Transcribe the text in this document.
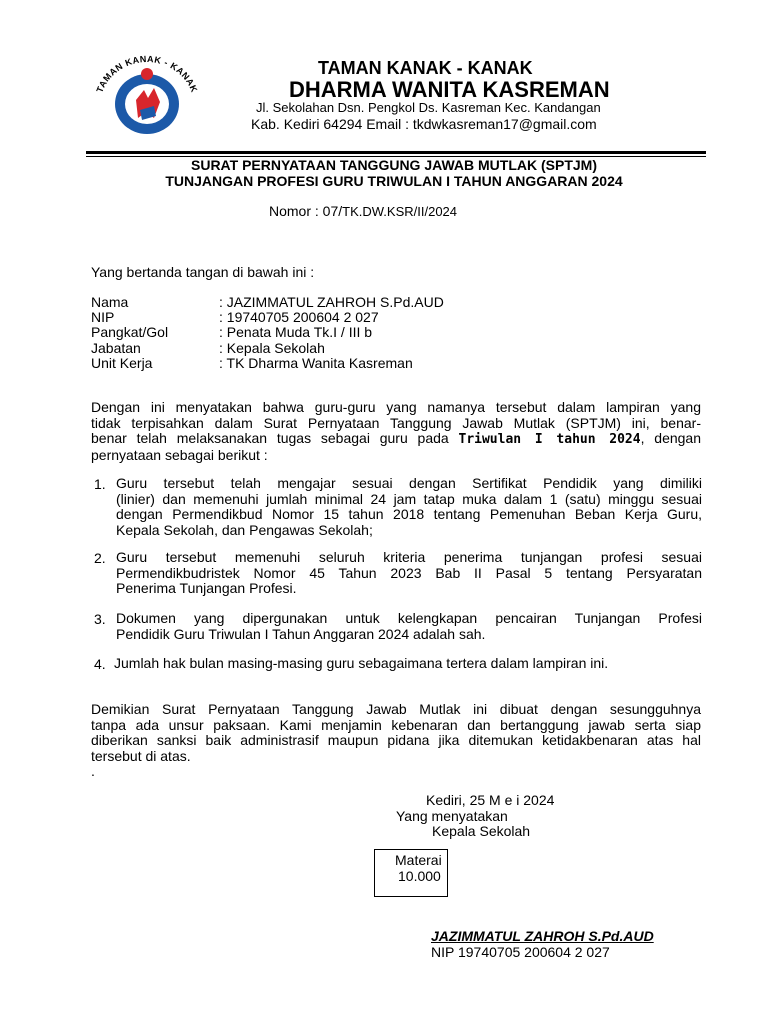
TAMAN KANAK - KANAK
TAMAN KANAK - KANAK
DHARMA WANITA KASREMAN
Jl. Sekolahan Dsn. Pengkol Ds. Kasreman Kec. Kandangan
Kab. Kediri 64294 Email : tkdwkasreman17@gmail.com
SURAT PERNYATAAN TANGGUNG JAWAB MUTLAK (SPTJM)
TUNJANGAN PROFESI GURU TRIWULAN I TAHUN ANGGARAN 2024
Nomor : 07/TK.DW.KSR/II/2024
Yang bertanda tangan di bawah ini :
Nama	: JAZIMMATUL ZAHROH S.Pd.AUD
NIP	: 19740705 200604 2 027
Pangkat/Gol	: Penata Muda Tk.I / III b
Jabatan	: Kepala Sekolah
Unit Kerja	: TK Dharma Wanita Kasreman
Dengan ini menyatakan bahwa guru-guru yang namanya tersebut dalam lampiran yang
tidak terpisahkan dalam Surat Pernyataan Tanggung Jawab Mutlak (SPTJM) ini, benar-
benar telah melaksanakan tugas sebagai guru pada Triwulan I tahun 2024, dengan
pernyataan sebagai berikut :
1. Guru tersebut telah mengajar sesuai dengan Sertifikat Pendidik yang dimiliki
(linier) dan memenuhi jumlah minimal 24 jam tatap muka dalam 1 (satu) minggu sesuai
dengan Permendikbud Nomor 15 tahun 2018 tentang Pemenuhan Beban Kerja Guru,
Kepala Sekolah, dan Pengawas Sekolah;
2. Guru tersebut memenuhi seluruh kriteria penerima tunjangan profesi sesuai
Permendikbudristek Nomor 45 Tahun 2023 Bab II Pasal 5 tentang Persyaratan
Penerima Tunjangan Profesi.
3. Dokumen yang dipergunakan untuk kelengkapan pencairan Tunjangan Profesi
Pendidik Guru Triwulan I Tahun Anggaran 2024 adalah sah.
4. Jumlah hak bulan masing-masing guru sebagaimana tertera dalam lampiran ini.
Demikian Surat Pernyataan Tanggung Jawab Mutlak ini dibuat dengan sesungguhnya
tanpa ada unsur paksaan. Kami menjamin kebenaran dan bertanggung jawab serta siap
diberikan sanksi baik administrasif maupun pidana jika ditemukan ketidakbenaran atas hal
tersebut di atas.
.
Kediri, 25 M e i 2024
Yang menyatakan
Kepala Sekolah
Materai
10.000
JAZIMMATUL ZAHROH S.Pd.AUD
NIP 19740705 200604 2 027
